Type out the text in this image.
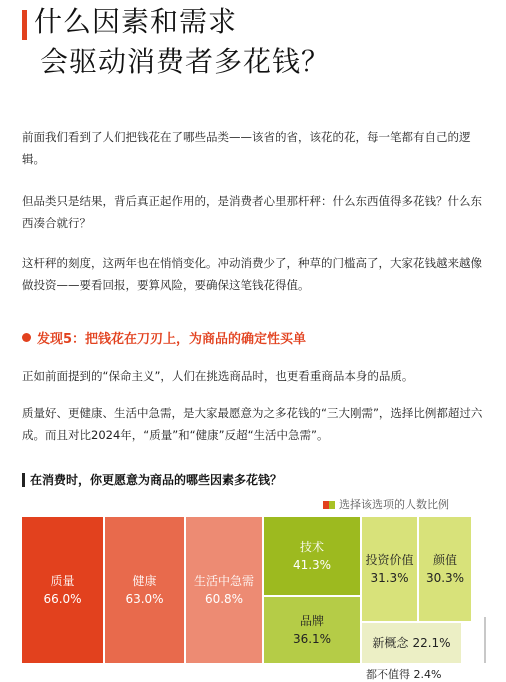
什么因素和需求
会驱动消费者多花钱？

前面我们看到了人们把钱花在了哪些品类——该省的省，该花的花，每一笔都有自己的逻辑。

但品类只是结果，背后真正起作用的，是消费者心里那杆秤：什么东西值得多花钱？什么东西凑合就行？

这杆秤的刻度，这两年也在悄悄变化。冲动消费少了，种草的门槛高了，大家花钱越来越像做投资——要看回报，要算风险，要确保这笔钱花得值。

发现5：把钱花在刀刃上，为商品的确定性买单

正如前面提到的“保命主义”，人们在挑选商品时，也更看重商品本身的品质。

质量好、更健康、生活中急需，是大家最愿意为之多花钱的“三大刚需”，选择比例都超过六成。而且对比2024年，“质量”和“健康”反超“生活中急需”。

在消费时，你更愿意为商品的哪些因素多花钱？
选择该选项的人数比例
质量
66.0%
健康
63.0%
生活中急需
60.8%
技术
41.3%
品牌
36.1%
投资价值
31.3%
颜值
30.3%
新概念 22.1%
都不值得 2.4%
